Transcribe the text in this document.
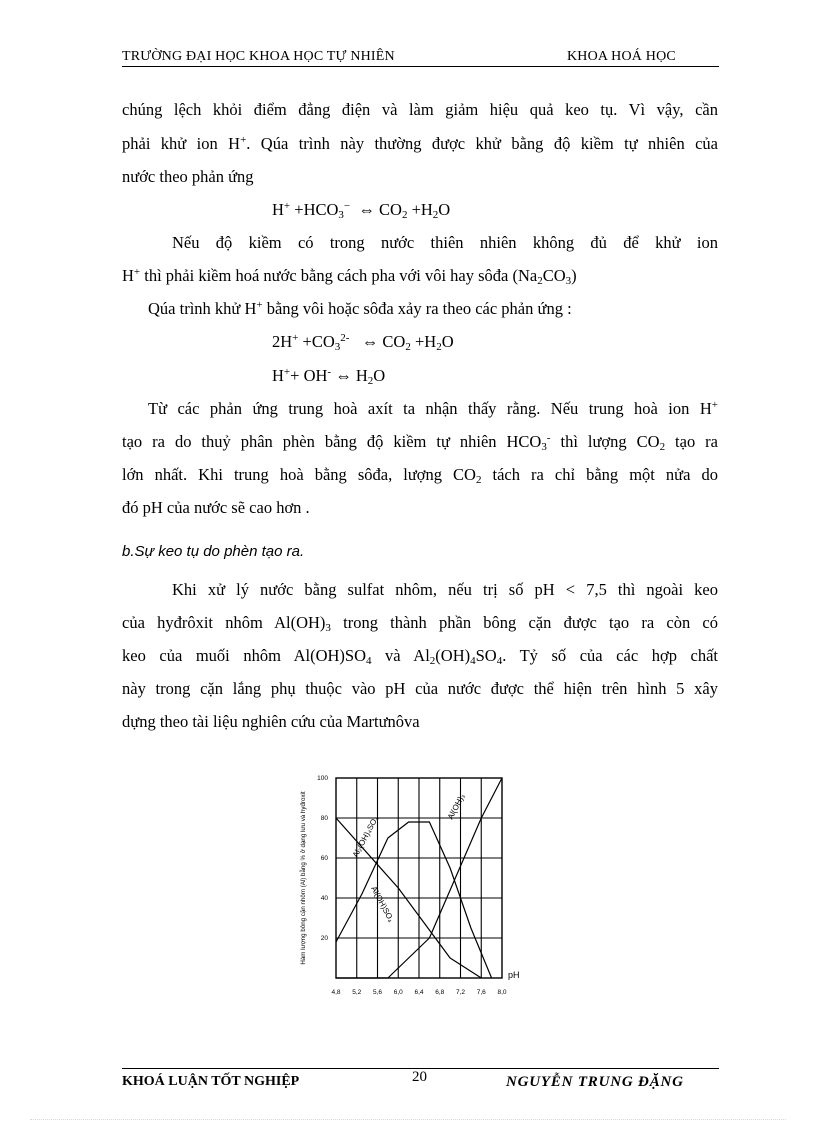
TRƯỜNG ĐẠI HỌC KHOA HỌC TỰ NHIÊN	KHOA HOÁ HỌC
chúng lệch khỏi điểm đẳng điện và làm giảm hiệu quả keo tụ. Vì vậy, cần
phải khử ion H+. Qúa trình này thường được khử bằng độ kiềm tự nhiên của
nước theo phản ứng
$H^+ +HCO_3^-$ ⇔ $CO_2 +H_2O$
Nếu độ kiềm có trong nước thiên nhiên không đủ để khử ion
H+ thì phải kiềm hoá nước bằng cách pha với vôi hay sôđa $(Na_2CO_3)$
Qúa trình khử H+ bằng vôi hoặc sôđa xảy ra theo các phản ứng :
$2H^+ +CO_3^{2-}$ ⇔ $CO_2 +H_2O$
H++ OH- ⇔ $H_2O$
Từ các phản ứng trung hoà axít ta nhận thấy rằng. Nếu trung hoà ion H+
tạo ra do thuỷ phân phèn bằng độ kiềm tự nhiên $HCO_3^-$ thì lượng $CO_2$ tạo ra
lớn nhất. Khi trung hoà bằng sôđa, lượng $CO_2$ tách ra chỉ bằng một nửa do
đó pH của nước sẽ cao hơn .
b.Sự keo tụ do phèn tạo ra.
Khi xử lý nước bằng sulfat nhôm, nếu trị số pH < 7,5 thì ngoài keo
của hyđrôxit nhôm $Al(OH)_3$ trong thành phần bông cặn được tạo ra còn có
keo của muối nhôm $Al(OH)SO_4$ và $Al_2(OH)_4SO_4$. Tỷ số của các hợp chất
này trong cặn lắng phụ thuộc vào pH của nước được thể hiện trên hình 5 xây
dựng theo tài liệu nghiên cứu của Martưnôva
4,8 5,2 5,6 6,0 6,4 6,8 7,2 7,6 8,0
20
40
60
80
100
Al₂(OH)₄SO₄
Al(OH)SO₄
Al(OH)₃
pH
Hàm lượng bông cặn nhôm (Al) bằng % ở dạng lưu và hyđroxit
KHOÁ LUẬN TỐT NGHIỆP	20	NGUYỄN TRUNG ĐẶNG
